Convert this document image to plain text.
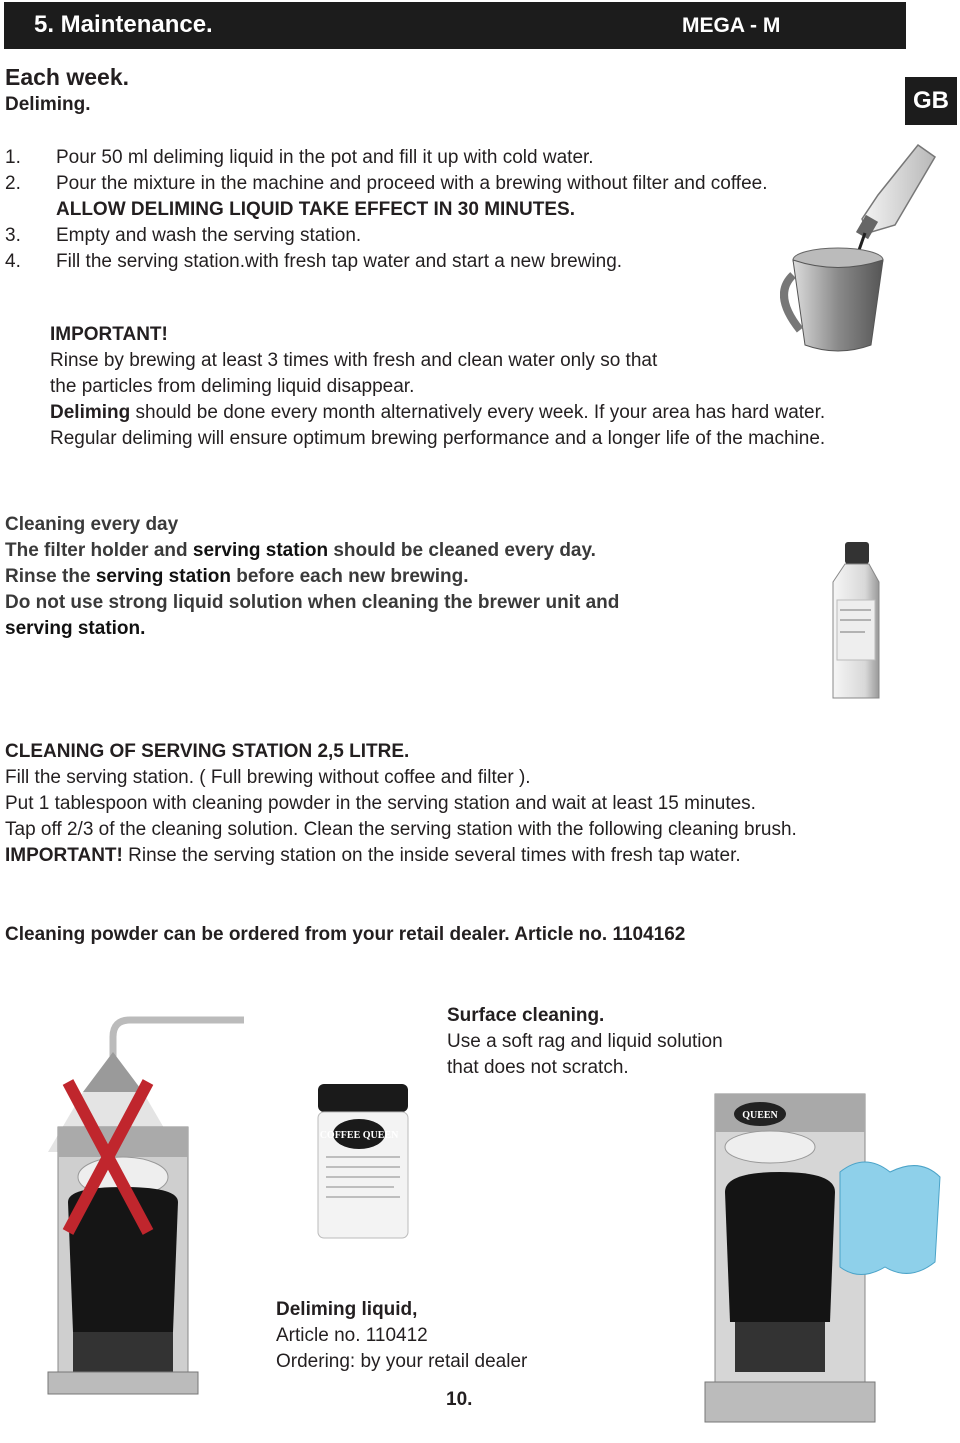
5. Maintenance.	MEGA - M
GB
Each week.
Deliming.
1. Pour 50 ml deliming liquid in the pot and fill it up with cold water.
2. Pour the mixture in the machine and proceed with a brewing without filter and coffee.
ALLOW DELIMING LIQUID TAKE EFFECT IN 30 MINUTES.
3. Empty and wash the serving station.
4. Fill the serving station.with fresh tap water and start a new brewing.
IMPORTANT!
Rinse by brewing at least 3 times with fresh and clean water only so that
the particles from deliming liquid disappear.
Deliming should be done every month alternatively every week. If your area has hard water.
Regular deliming will ensure optimum brewing performance and a longer life of the machine.
Cleaning every day
The filter holder and serving station should be cleaned every day.
Rinse the serving station before each new brewing.
Do not use strong liquid solution when cleaning the brewer unit and
serving station.
CLEANING OF SERVING STATION 2,5 LITRE.
Fill the serving station. ( Full brewing without coffee and filter ).
Put 1 tablespoon with cleaning powder in the serving station and wait at least 15 minutes.
Tap off 2/3 of the cleaning solution. Clean the serving station with the following cleaning brush.
IMPORTANT! Rinse the serving station on the inside several times with fresh tap water.
Cleaning powder can be ordered from your retail dealer. Article no. 1104162
Surface cleaning.
Use a soft rag and liquid solution
that does not scratch.
Deliming liquid,
Article no. 110412
Ordering: by your retail dealer
10.
COFFEE QUEEN
QUEEN
